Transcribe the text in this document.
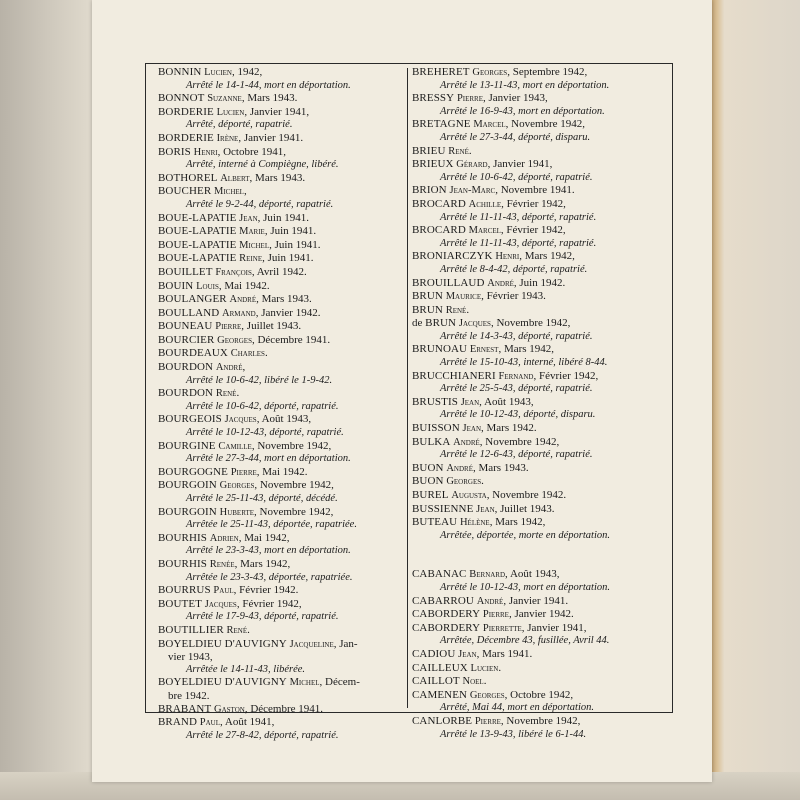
BONNIN Lucien, 1942,
Arrêté le 14-1-44, mort en déportation.
BONNOT Suzanne, Mars 1943.
BORDERIE Lucien, Janvier 1941,
Arrêté, déporté, rapatrié.
BORDERIE Irène, Janvier 1941.
BORIS Henri, Octobre 1941,
Arrêté, interné à Compiègne, libéré.
BOTHOREL Albert, Mars 1943.
BOUCHER Michel,
Arrêté le 9-2-44, déporté, rapatrié.
BOUE-LAPATIE Jean, Juin 1941.
BOUE-LAPATIE Marie, Juin 1941.
BOUE-LAPATIE Michel, Juin 1941.
BOUE-LAPATIE Reine, Juin 1941.
BOUILLET François, Avril 1942.
BOUIN Louis, Mai 1942.
BOULANGER André, Mars 1943.
BOULLAND Armand, Janvier 1942.
BOUNEAU Pierre, Juillet 1943.
BOURCIER Georges, Décembre 1941.
BOURDEAUX Charles.
BOURDON André,
Arrêté le 10-6-42, libéré le 1-9-42.
BOURDON René.
Arrêté le 10-6-42, déporté, rapatrié.
BOURGEOIS Jacques, Août 1943,
Arrêté le 10-12-43, déporté, rapatrié.
BOURGINE Camille, Novembre 1942,
Arrêté le 27-3-44, mort en déportation.
BOURGOGNE Pierre, Mai 1942.
BOURGOIN Georges, Novembre 1942,
Arrêté le 25-11-43, déporté, décédé.
BOURGOIN Huberte, Novembre 1942,
Arrêtée le 25-11-43, déportée, rapatriée.
BOURHIS Adrien, Mai 1942,
Arrêté le 23-3-43, mort en déportation.
BOURHIS Renée, Mars 1942,
Arrêtée le 23-3-43, déportée, rapatriée.
BOURRUS Paul, Février 1942.
BOUTET Jacques, Février 1942,
Arrêté le 17-9-43, déporté, rapatrié.
BOUTILLIER René.
BOYELDIEU D'AUVIGNY Jacqueline, Jan-
vier 1943,
Arrêtée le 14-11-43, libérée.
BOYELDIEU D'AUVIGNY Michel, Décem-
bre 1942.
BRABANT Gaston, Décembre 1941.
BRAND Paul, Août 1941,
Arrêté le 27-8-42, déporté, rapatrié.
BREHERET Georges, Septembre 1942,
Arrêté le 13-11-43, mort en déportation.
BRESSY Pierre, Janvier 1943,
Arrêté le 16-9-43, mort en déportation.
BRETAGNE Marcel, Novembre 1942,
Arrêté le 27-3-44, déporté, disparu.
BRIEU René.
BRIEUX Gérard, Janvier 1941,
Arrêté le 10-6-42, déporté, rapatrié.
BRION Jean-Marc, Novembre 1941.
BROCARD Achille, Février 1942,
Arrêté le 11-11-43, déporté, rapatrié.
BROCARD Marcel, Février 1942,
Arrêté le 11-11-43, déporté, rapatrié.
BRONIARCZYK Henri, Mars 1942,
Arrêté le 8-4-42, déporté, rapatrié.
BROUILLAUD André, Juin 1942.
BRUN Maurice, Février 1943.
BRUN René.
de BRUN Jacques, Novembre 1942,
Arrêté le 14-3-43, déporté, rapatrié.
BRUNOAU Ernest, Mars 1942,
Arrêté le 15-10-43, interné, libéré 8-44.
BRUCCHIANERI Fernand, Février 1942,
Arrêté le 25-5-43, déporté, rapatrié.
BRUSTIS Jean, Août 1943,
Arrêté le 10-12-43, déporté, disparu.
BUISSON Jean, Mars 1942.
BULKA André, Novembre 1942,
Arrêté le 12-6-43, déporté, rapatrié.
BUON André, Mars 1943.
BUON Georges.
BUREL Augusta, Novembre 1942.
BUSSIENNE Jean, Juillet 1943.
BUTEAU Hélène, Mars 1942,
Arrêtée, déportée, morte en déportation.
CABANAC Bernard, Août 1943,
Arrêté le 10-12-43, mort en déportation.
CABARROU André, Janvier 1941.
CABORDERY Pierre, Janvier 1942.
CABORDERY Pierrette, Janvier 1941,
Arrêtée, Décembre 43, fusillée, Avril 44.
CADIOU Jean, Mars 1941.
CAILLEUX Lucien.
CAILLOT Noel.
CAMENEN Georges, Octobre 1942,
Arrêté, Mai 44, mort en déportation.
CANLORBE Pierre, Novembre 1942,
Arrêté le 13-9-43, libéré le 6-1-44.
